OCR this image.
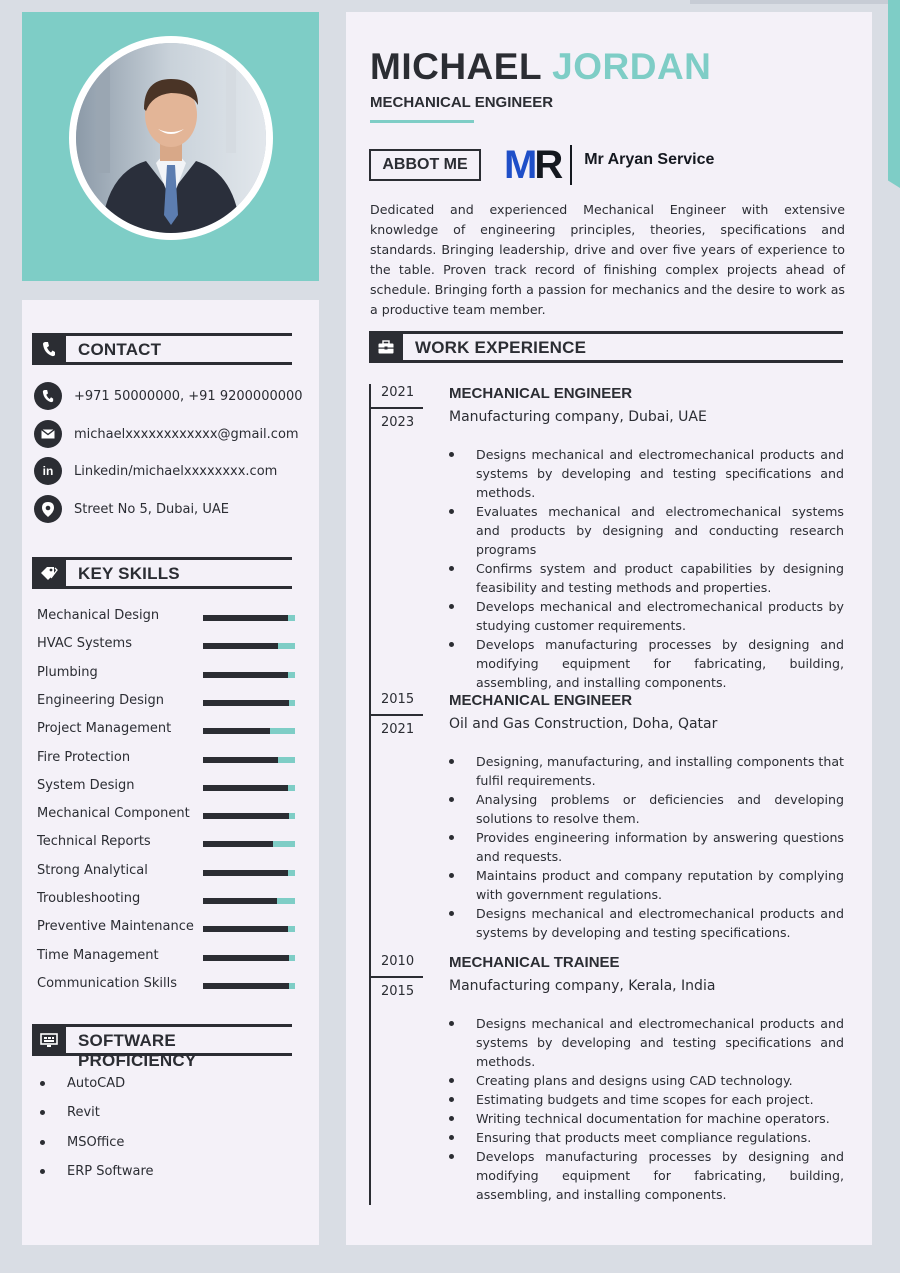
CONTACT
+971 50000000, +91 9200000000
michaelxxxxxxxxxxxx@gmail.com
in	Linkedin/michaelxxxxxxxx.com
Street No 5, Dubai, UAE
KEY SKILLS
Mechanical Design
HVAC Systems
Plumbing
Engineering Design
Project Management
Fire Protection
System Design
Mechanical Component
Technical Reports
Strong Analytical
Troubleshooting
Preventive Maintenance
Time Management
Communication Skills
SOFTWARE PROFICIENCY
AutoCAD
Revit
MSOffice
ERP Software
MICHAEL JORDAN
MECHANICAL ENGINEER
ABBOT ME MR Mr Aryan Service

Dedicated and experienced Mechanical Engineer with extensive knowledge of engineering principles, theories, specifications and standards. Bringing leadership, drive and over five years of experience to the table. Proven track record of finishing complex projects ahead of schedule. Bringing forth a passion for mechanics and the desire to work as a productive team member.

WORK EXPERIENCE
2021
2023
MECHANICAL ENGINEER
Manufacturing company, Dubai, UAE
Designs mechanical and electromechanical products and systems by developing and testing specifications and methods.
Evaluates mechanical and electromechanical systems and products by designing and conducting research programs
Confirms system and product capabilities by designing feasibility and testing methods and properties.
Develops mechanical and electromechanical products by studying customer requirements.
Develops manufacturing processes by designing and modifying equipment for fabricating, building, assembling, and installing components.
2015
2021
MECHANICAL ENGINEER
Oil and Gas Construction, Doha, Qatar
Designing, manufacturing, and installing components that fulfil requirements.
Analysing problems or deficiencies and developing solutions to resolve them.
Provides engineering information by answering questions and requests.
Maintains product and company reputation by complying with government regulations.
Designs mechanical and electromechanical products and systems by developing and testing specifications.
2010
2015
MECHANICAL TRAINEE
Manufacturing company, Kerala, India
Designs mechanical and electromechanical products and systems by developing and testing specifications and methods.
Creating plans and designs using CAD technology.
Estimating budgets and time scopes for each project.
Writing technical documentation for machine operators.
Ensuring that products meet compliance regulations.
Develops manufacturing processes by designing and modifying equipment for fabricating, building, assembling, and installing components.
